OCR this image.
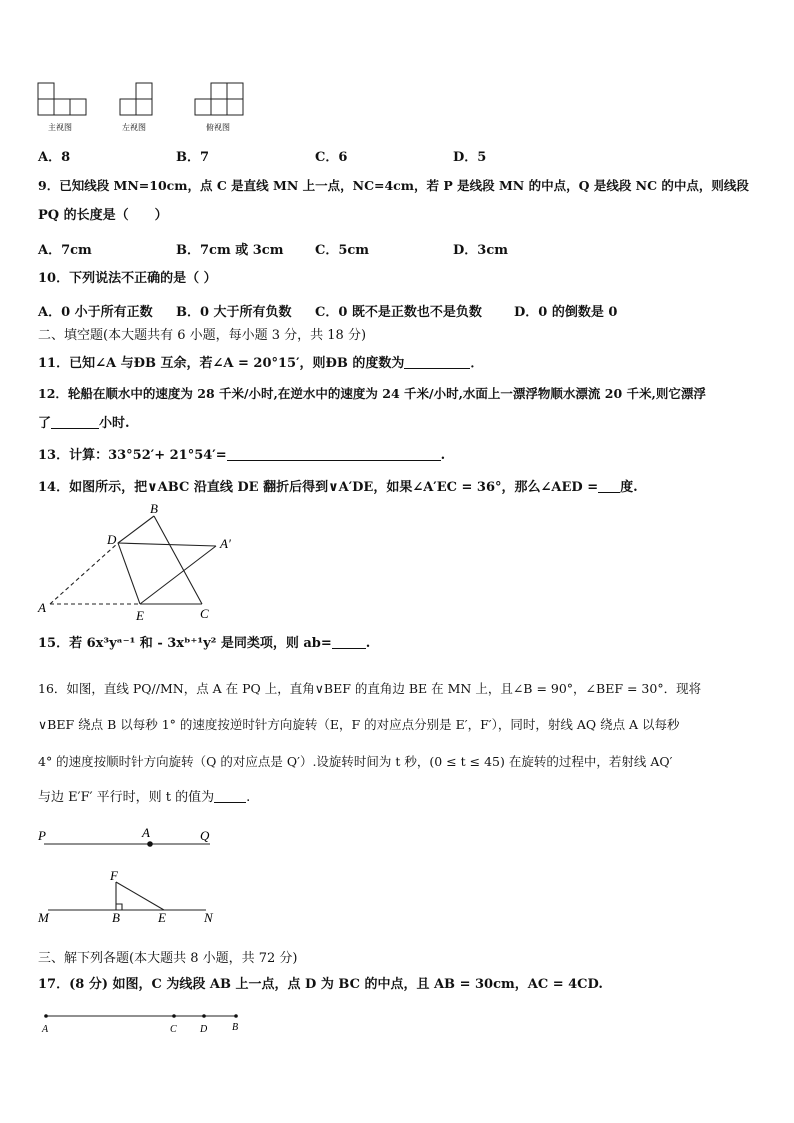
主视图	左视图	俯视图
A．8	B．7	C．6	D．5
9．已知线段 MN=10cm，点 C 是直线 MN 上一点，NC=4cm，若 P 是线段 MN 的中点，Q 是线段 NC 的中点，则线段
PQ 的长度是（　　）
A．7cm	B．7cm 或 3cm C．5cm	D．3cm
10．下列说法不正确的是（ ）
A．0 小于所有正数 B．0 大于所有负数 C．0 既不是正数也不是负数 D．0 的倒数是 0
二、填空题(本大题共有 6 小题，每小题 3 分，共 18 分)
11．已知∠A 与ÐB 互余，若∠A = 20°15′，则ÐB 的度数为	．
12．轮船在顺水中的速度为 28 千米/小时,在逆水中的速度为 24 千米/小时,水面上一漂浮物顺水漂流 20 千米,则它漂浮
了	小时.
13．计算：33°52′+ 21°54′=	.
14．如图所示，把∨ABC 沿直线 DE 翻折后得到∨A′DE，如果∠A′EC = 36°，那么∠AED = 度.
B
D	A′
A
E	C
15．若 6x³yᵃ⁻¹ 和 - 3xᵇ⁺¹y² 是同类项，则 ab=	.
16．如图，直线 PQ//MN，点 A 在 PQ 上，直角∨BEF 的直角边 BE 在 MN 上，且∠B = 90°，∠BEF = 30°．现将
∨BEF 绕点 B 以每秒 1° 的速度按逆时针方向旋转（E，F 的对应点分别是 E′，F′），同时，射线 AQ 绕点 A 以每秒
4° 的速度按顺时针方向旋转（Q 的对应点是 Q′）.设旋转时间为 t 秒，(0 ≤ t ≤ 45) 在旋转的过程中，若射线 AQ′
与边 E′F′ 平行时，则 t 的值为 .
P	A	Q
F
M	B	E	N
三、解下列各题(本大题共 8 小题，共 72 分)
17．(8 分) 如图，C 为线段 AB 上一点，点 D 为 BC 的中点，且 AB = 30cm，AC = 4CD.
A	C D B
